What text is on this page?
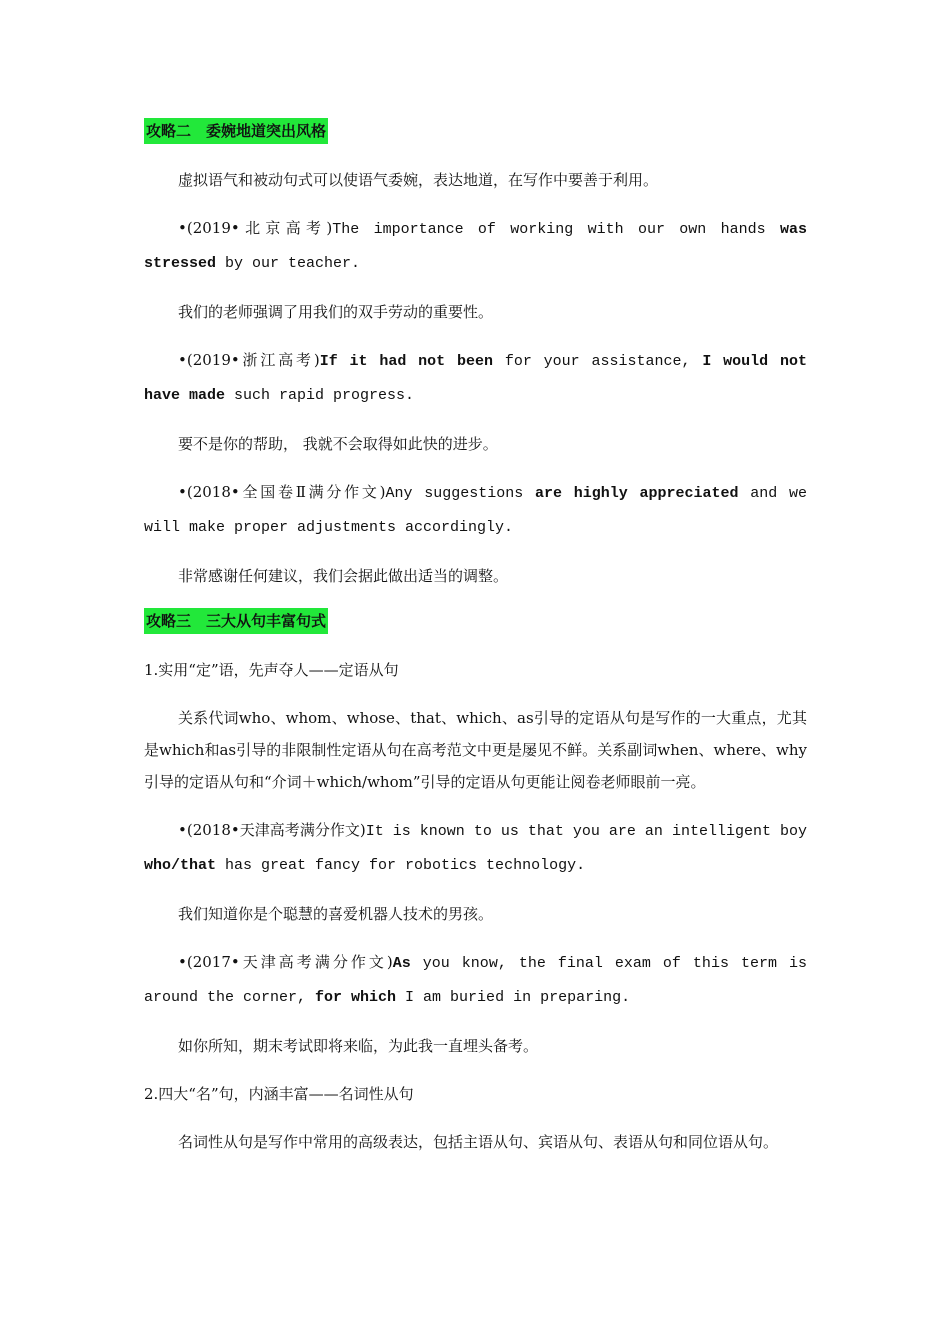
攻略二　委婉地道突出风格

虚拟语气和被动句式可以使语气委婉，表达地道，在写作中要善于利用。

•(2019•北京高考)The importance of working with our own hands was stressed by our teacher.

我们的老师强调了用我们的双手劳动的重要性。

•(2019•浙江高考)If it had not been for your assistance, I would not have made such rapid progress.

要不是你的帮助， 我就不会取得如此快的进步。

•(2018•全国卷Ⅱ满分作文)Any suggestions are highly appreciated and we will make proper adjustments accordingly.

非常感谢任何建议，我们会据此做出适当的调整。

攻略三　三大从句丰富句式

1.实用“定”语，先声夺人——定语从句

关系代词who、whom、whose、that、which、as引导的定语从句是写作的一大重点，尤其是which和as引导的非限制性定语从句在高考范文中更是屡见不鲜。关系副词when、where、why引导的定语从句和“介词＋which/whom”引导的定语从句更能让阅卷老师眼前一亮。

•(2018•天津高考满分作文)It is known to us that you are an intelligent boy who/that has great fancy for robotics technology.

我们知道你是个聪慧的喜爱机器人技术的男孩。

•(2017•天津高考满分作文)As you know, the final exam of this term is around the corner, for which I am buried in preparing.

如你所知，期末考试即将来临，为此我一直埋头备考。

2.四大“名”句，内涵丰富——名词性从句

名词性从句是写作中常用的高级表达，包括主语从句、宾语从句、表语从句和同位语从句。
